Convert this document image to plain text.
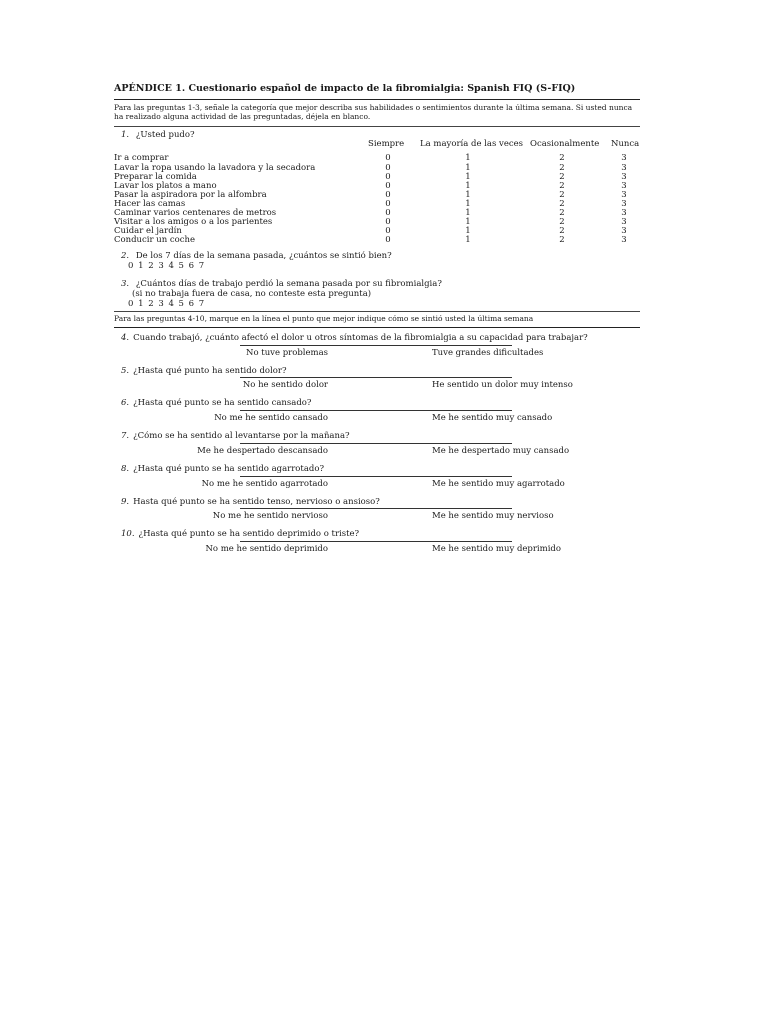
APÉNDICE 1. Cuestionario español de impacto de la fibromialgia: Spanish FIQ (S-FIQ)
Para las preguntas 1-3, señale la categoría que mejor describa sus habilidades o sentimientos durante la última semana. Si usted nunca ha realizado alguna actividad de las preguntadas, déjela en blanco.
1. ¿Usted pudo?
Siempre La mayoría de las veces Ocasionalmente Nunca
Ir a comprar	0	1	2	3
Lavar la ropa usando la lavadora y la secadora	0	1	2	3
Preparar la comida	0	1	2	3
Lavar los platos a mano	0	1	2	3
Pasar la aspiradora por la alfombra	0	1	2	3
Hacer las camas	0	1	2	3
Caminar varios centenares de metros	0	1	2	3
Visitar a los amigos o a los parientes	0	1	2	3
Cuidar el jardín	0	1	2	3
Conducir un coche	0	1	2	3
2. De los 7 días de la semana pasada, ¿cuántos se sintió bien?
0 1 2 3 4 5 6 7
3. ¿Cuántos días de trabajo perdió la semana pasada por su fibromialgia?
(si no trabaja fuera de casa, no conteste esta pregunta)
0 1 2 3 4 5 6 7
Para las preguntas 4-10, marque en la línea el punto que mejor indique cómo se sintió usted la última semana
4. Cuando trabajó, ¿cuánto afectó el dolor u otros síntomas de la fibromialgia a su capacidad para trabajar?
No tuve problemas	Tuve grandes dificultades
5. ¿Hasta qué punto ha sentido dolor?
No he sentido dolor	He sentido un dolor muy intenso
6. ¿Hasta qué punto se ha sentido cansado?
No me he sentido cansado	Me he sentido muy cansado
7. ¿Cómo se ha sentido al levantarse por la mañana?
Me he despertado descansado	Me he despertado muy cansado
8. ¿Hasta qué punto se ha sentido agarrotado?
No me he sentido agarrotado	Me he sentido muy agarrotado
9. Hasta qué punto se ha sentido tenso, nervioso o ansioso?
No me he sentido nervioso	Me he sentido muy nervioso
10. ¿Hasta qué punto se ha sentido deprimido o triste?
No me he sentido deprimido	Me he sentido muy deprimido
